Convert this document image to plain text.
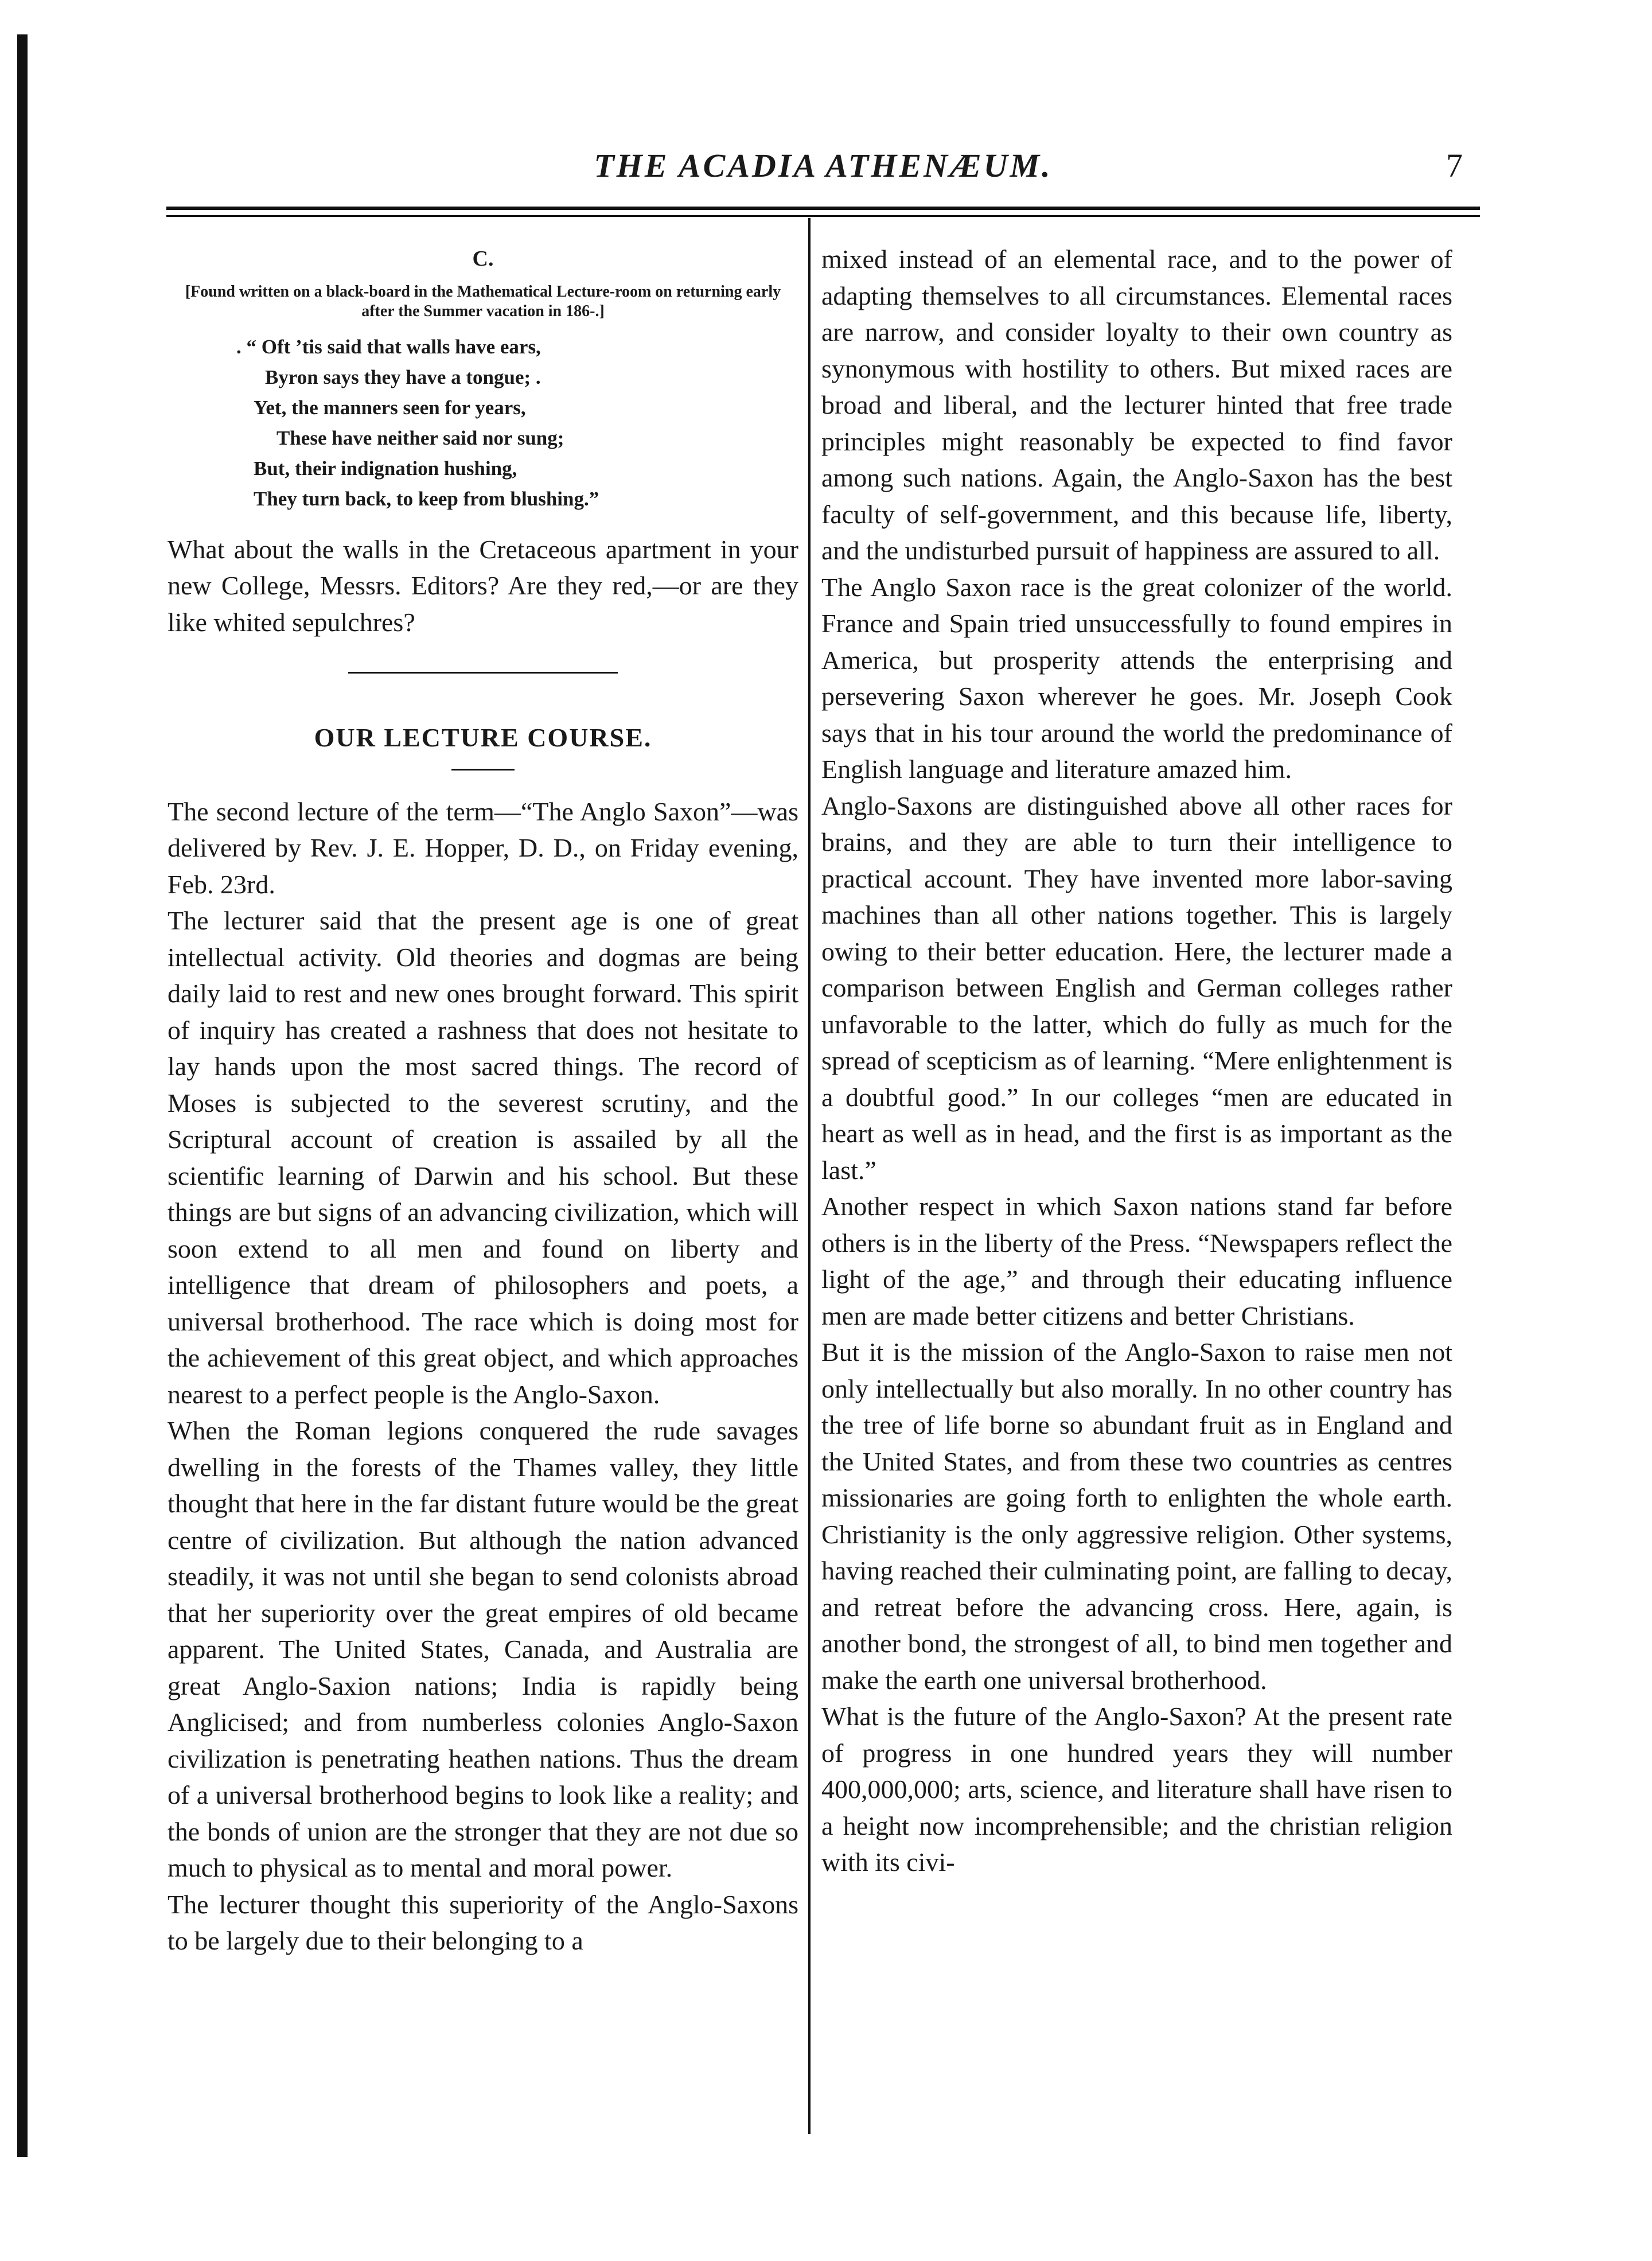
THE ACADIA ATHENÆUM.	7
C.
[Found written on a black-board in the Mathematical Lecture-room on returning early after the Summer vacation in 186-.]
. “ Oft ’tis said that walls have ears,
Byron says they have a tongue; .
Yet, the manners seen for years,
These have neither said nor sung;
But, their indignation hushing,
They turn back, to keep from blushing.”

What about the walls in the Cretaceous apartment in your new College, Messrs. Editors? Are they red,—or are they like whited sepulchres?

OUR LECTURE COURSE.

The second lecture of the term—“The Anglo Saxon”—was delivered by Rev. J. E. Hopper, D. D., on Friday evening, Feb. 23rd.

The lecturer said that the present age is one of great intellectual activity. Old theories and dogmas are being daily laid to rest and new ones brought forward. This spirit of inquiry has created a rashness that does not hesitate to lay hands upon the most sacred things. The record of Moses is subjected to the severest scrutiny, and the Scriptural account of creation is assailed by all the scientific learning of Darwin and his school. But these things are but signs of an advancing civilization, which will soon extend to all men and found on liberty and intelligence that dream of philosophers and poets, a universal brotherhood. The race which is doing most for the achievement of this great object, and which approaches nearest to a perfect people is the Anglo-Saxon.

When the Roman legions conquered the rude savages dwelling in the forests of the Thames valley, they little thought that here in the far distant future would be the great centre of civilization. But although the nation advanced steadily, it was not until she began to send colonists abroad that her superiority over the great empires of old became apparent. The United States, Canada, and Australia are great Anglo-Saxion nations; India is rapidly being Anglicised; and from numberless colonies Anglo-Saxon civilization is penetrating heathen nations. Thus the dream of a universal brotherhood begins to look like a reality; and the bonds of union are the stronger that they are not due so much to physical as to mental and moral power.

The lecturer thought this superiority of the Anglo-Saxons to be largely due to their belonging to a

mixed instead of an elemental race, and to the power of adapting themselves to all circumstances. Elemental races are narrow, and consider loyalty to their own country as synonymous with hostility to others. But mixed races are broad and liberal, and the lecturer hinted that free trade principles might reasonably be expected to find favor among such nations. Again, the Anglo-Saxon has the best faculty of self-government, and this because life, liberty, and the undisturbed pursuit of happiness are assured to all.

The Anglo Saxon race is the great colonizer of the world. France and Spain tried unsuccessfully to found empires in America, but prosperity attends the enterprising and persevering Saxon wherever he goes. Mr. Joseph Cook says that in his tour around the world the predominance of English language and literature amazed him.

Anglo-Saxons are distinguished above all other races for brains, and they are able to turn their intelligence to practical account. They have invented more labor-saving machines than all other nations together. This is largely owing to their better education. Here, the lecturer made a comparison between English and German colleges rather unfavorable to the latter, which do fully as much for the spread of scepticism as of learning. “Mere enlightenment is a doubtful good.” In our colleges “men are educated in heart as well as in head, and the first is as important as the last.”

Another respect in which Saxon nations stand far before others is in the liberty of the Press. “Newspapers reflect the light of the age,” and through their educating influence men are made better citizens and better Christians.

But it is the mission of the Anglo-Saxon to raise men not only intellectually but also morally. In no other country has the tree of life borne so abundant fruit as in England and the United States, and from these two countries as centres missionaries are going forth to enlighten the whole earth. Christianity is the only aggressive religion. Other systems, having reached their culminating point, are falling to decay, and retreat before the advancing cross. Here, again, is another bond, the strongest of all, to bind men together and make the earth one universal brotherhood.

What is the future of the Anglo-Saxon? At the present rate of progress in one hundred years they will number 400,000,000; arts, science, and literature shall have risen to a height now incomprehensible; and the christian religion with its civi-
